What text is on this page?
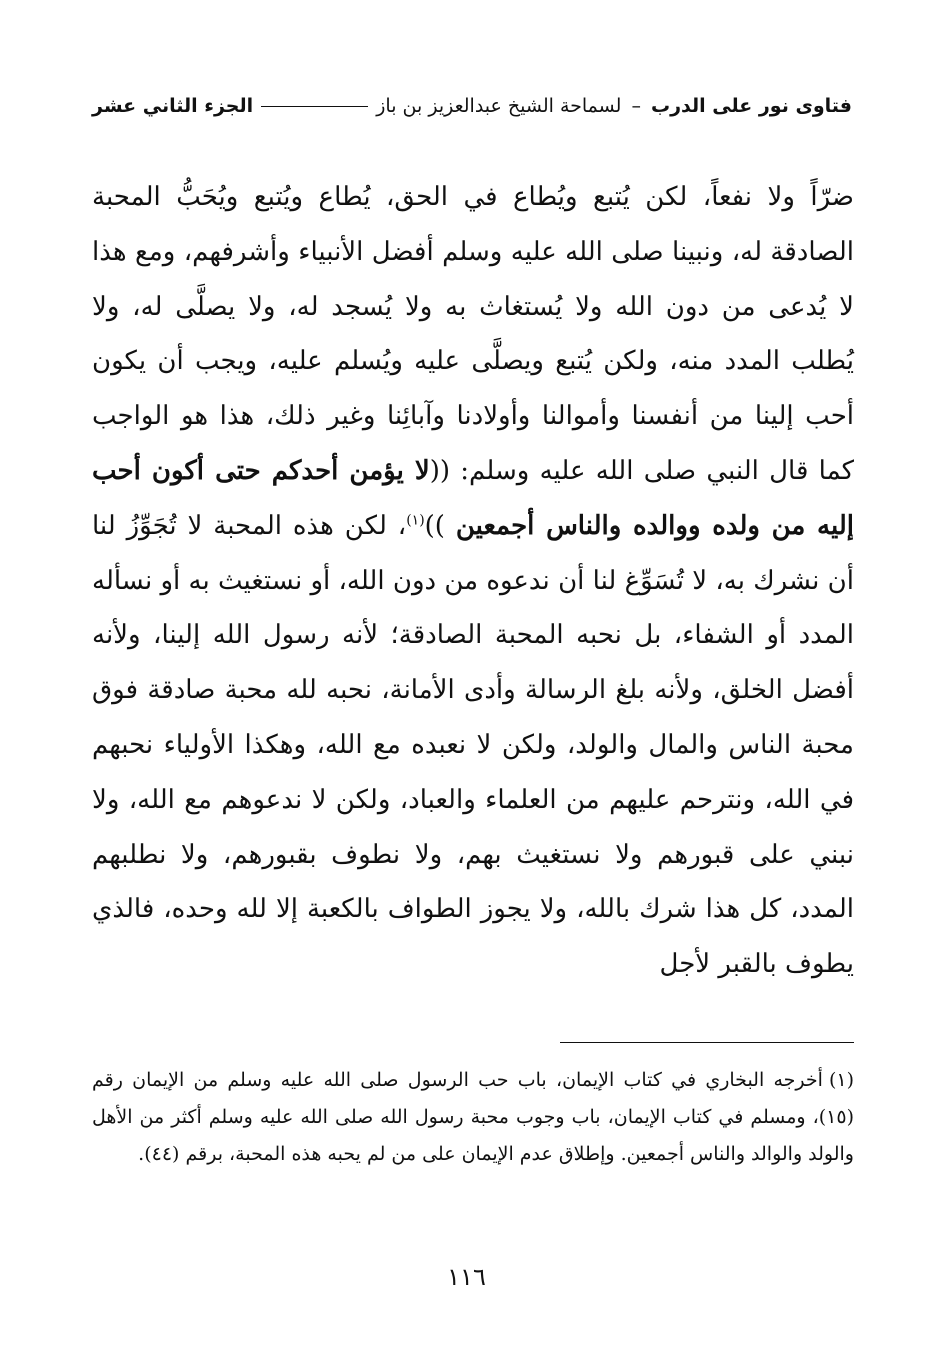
فتاوى نور على الدرب
–
لسماحة الشيخ عبدالعزيز بن باز
الجزء الثاني عشر

ضرّاً ولا نفعاً، لكن يُتبع ويُطاع في الحق، يُطاع ويُتبع ويُحَبُّ المحبة الصادقة له، ونبينا صلى الله عليه وسلم أفضل الأنبياء وأشرفهم، ومع هذا لا يُدعى من دون الله ولا يُستغاث به ولا يُسجد له، ولا يصلَّى له، ولا يُطلب المدد منه، ولكن يُتبع ويصلَّى عليه ويُسلم عليه، ويجب أن يكون أحب إلينا من أنفسنا وأموالنا وأولادنا وآبائِنا وغير ذلك، هذا هو الواجب كما قال النبي صلى الله عليه وسلم: ((لا يؤمن أحدكم حتى أكون أحب إليه من ولده ووالده والناس أجمعين ))$^{(١)}$، لكن هذه المحبة لا تُجَوِّزُ لنا أن نشرك به، لا تُسَوِّغ لنا أن ندعوه من دون الله، أو نستغيث به أو نسأله المدد أو الشفاء، بل نحبه المحبة الصادقة؛ لأنه رسول الله إلينا، ولأنه أفضل الخلق، ولأنه بلغ الرسالة وأدى الأمانة، نحبه لله محبة صادقة فوق محبة الناس والمال والولد، ولكن لا نعبده مع الله، وهكذا الأولياء نحبهم في الله، ونترحم عليهم من العلماء والعباد، ولكن لا ندعوهم مع الله، ولا نبني على قبورهم ولا نستغيث بهم، ولا نطوف بقبورهم، ولا نطلبهم المدد، كل هذا شرك بالله، ولا يجوز الطواف بالكعبة إلا لله وحده، فالذي يطوف بالقبر لأجل

(١)أخرجه البخاري في كتاب الإيمان، باب حب الرسول صلى الله عليه وسلم من الإيمان رقم (١٥)، ومسلم في كتاب الإيمان، باب وجوب محبة رسول الله صلى الله عليه وسلم أكثر من الأهل والولد والوالد والناس أجمعين. وإطلاق عدم الإيمان على من لم يحبه هذه المحبة، برقم (٤٤).
١١٦
